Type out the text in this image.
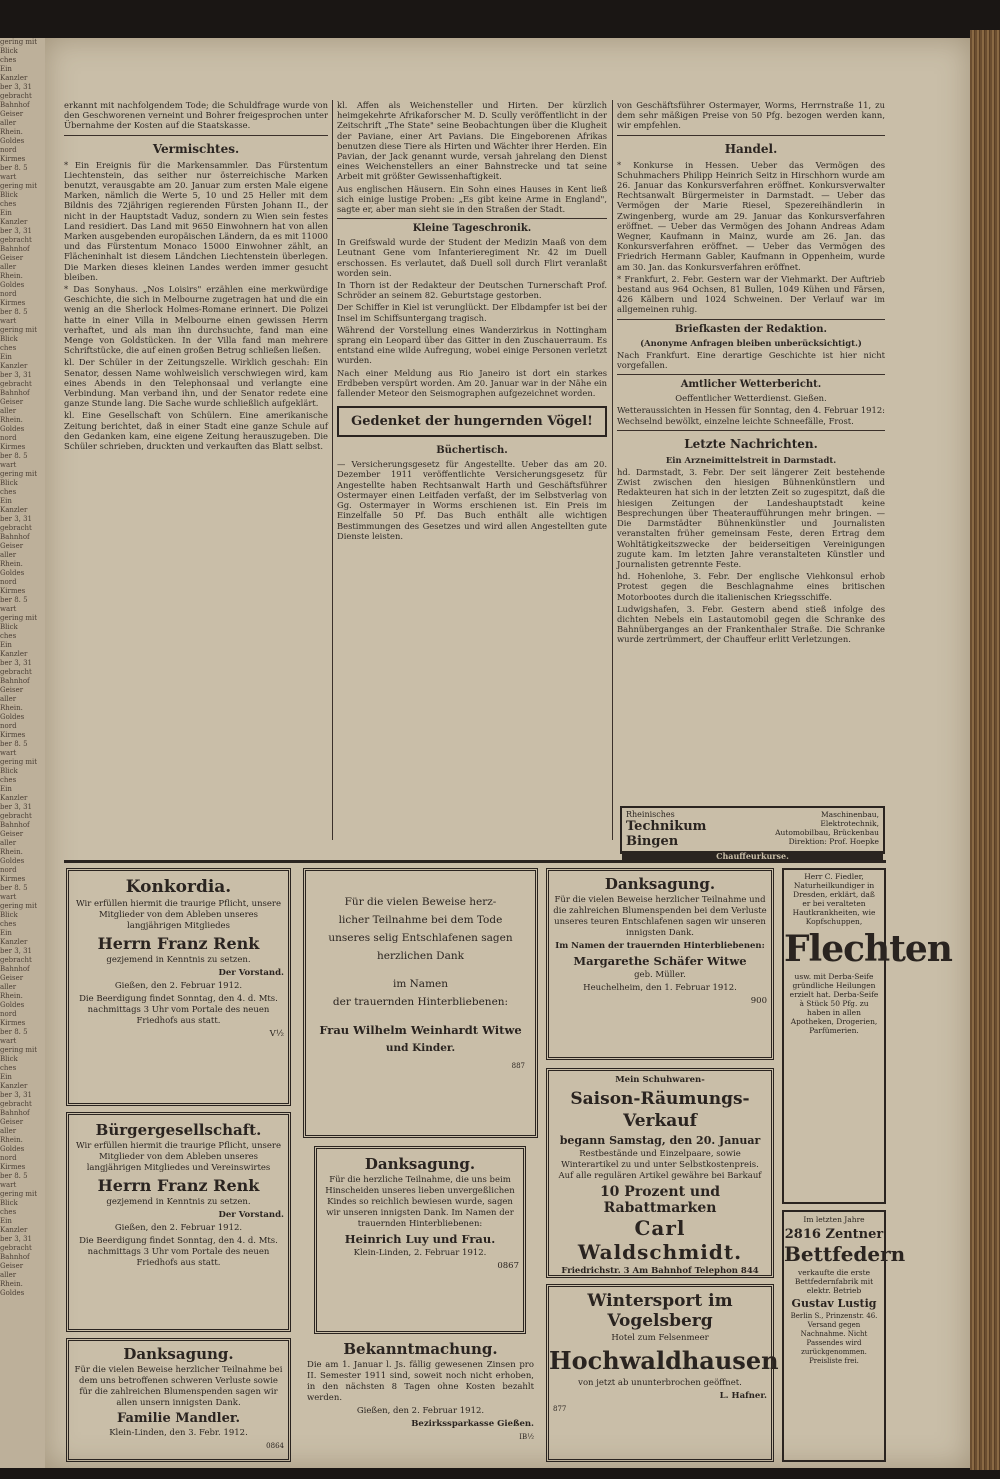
gering mit

Blick

ches

Ein

Kanzler

ber 3, 31

gebracht

Bahnhof

Geiser

aller

Rhein.

Goldes

nord

Kirmes

ber 8. 5

wart

gering mit

Blick

ches

Ein

Kanzler

ber 3, 31

gebracht

Bahnhof

Geiser

aller

Rhein.

Goldes

nord

Kirmes

ber 8. 5

wart

gering mit

Blick

ches

Ein

Kanzler

ber 3, 31

gebracht

Bahnhof

Geiser

aller

Rhein.

Goldes

nord

Kirmes

ber 8. 5

wart

gering mit

Blick

ches

Ein

Kanzler

ber 3, 31

gebracht

Bahnhof

Geiser

aller

Rhein.

Goldes

nord

Kirmes

ber 8. 5

wart

gering mit

Blick

ches

Ein

Kanzler

ber 3, 31

gebracht

Bahnhof

Geiser

aller

Rhein.

Goldes

nord

Kirmes

ber 8. 5

wart

gering mit

Blick

ches

Ein

Kanzler

ber 3, 31

gebracht

Bahnhof

Geiser

aller

Rhein.

Goldes

nord

Kirmes

ber 8. 5

wart

gering mit

Blick

ches

Ein

Kanzler

ber 3, 31

gebracht

Bahnhof

Geiser

aller

Rhein.

Goldes

nord

Kirmes

ber 8. 5

wart

gering mit

Blick

ches

Ein

Kanzler

ber 3, 31

gebracht

Bahnhof

Geiser

aller

Rhein.

Goldes

nord

Kirmes

ber 8. 5

wart

gering mit

Blick

ches

Ein

Kanzler

ber 3, 31

gebracht

Bahnhof

Geiser

aller

Rhein.

Goldes

erkannt mit nachfolgendem Tode; die Schuldfrage wurde von den Geschworenen verneint und Bohrer freigesprochen unter Übernahme der Kosten auf die Staatskasse.

Vermischtes.

* Ein Ereignis für die Markensammler. Das Fürstentum Liechtenstein, das seither nur österreichische Marken benutzt, verausgabte am 20. Januar zum ersten Male eigene Marken, nämlich die Werte 5, 10 und 25 Heller mit dem Bildnis des 72jährigen regierenden Fürsten Johann II., der nicht in der Hauptstadt Vaduz, sondern zu Wien sein festes Land residiert. Das Land mit 9650 Einwohnern hat von allen Marken ausgebenden europäischen Ländern, da es mit 11000 und das Fürstentum Monaco 15000 Einwohner zählt, an Flächeninhalt ist diesem Ländchen Liechtenstein überlegen. Die Marken dieses kleinen Landes werden immer gesucht bleiben.

* Das Sonyhaus. „Nos Loisirs" erzählen eine merkwürdige Geschichte, die sich in Melbourne zugetragen hat und die ein wenig an die Sherlock Holmes-Romane erinnert. Die Polizei hatte in einer Villa in Melbourne einen gewissen Herrn verhaftet, und als man ihn durchsuchte, fand man eine Menge von Goldstücken. In der Villa fand man mehrere Schriftstücke, die auf einen großen Betrug schließen ließen.

kl. Der Schüler in der Zeitungszelle. Wirklich geschah: Ein Senator, dessen Name wohlweislich verschwiegen wird, kam eines Abends in den Telephonsaal und verlangte eine Verbindung. Man verband ihn, und der Senator redete eine ganze Stunde lang. Die Sache wurde schließlich aufgeklärt.

kl. Eine Gesellschaft von Schülern. Eine amerikanische Zeitung berichtet, daß in einer Stadt eine ganze Schule auf den Gedanken kam, eine eigene Zeitung herauszugeben. Die Schüler schrieben, druckten und verkauften das Blatt selbst.

kl. Affen als Weichensteller und Hirten. Der kürzlich heimgekehrte Afrikaforscher M. D. Scully veröffentlicht in der Zeitschrift „The State" seine Beobachtungen über die Klugheit der Paviane, einer Art Pavians. Die Eingeborenen Afrikas benutzen diese Tiere als Hirten und Wächter ihrer Herden. Ein Pavian, der Jack genannt wurde, versah jahrelang den Dienst eines Weichenstellers an einer Bahnstrecke und tat seine Arbeit mit größter Gewissenhaftigkeit.

Aus englischen Häusern. Ein Sohn eines Hauses in Kent ließ sich einige lustige Proben: „Es gibt keine Arme in England", sagte er, aber man sieht sie in den Straßen der Stadt.

Kleine Tageschronik.

In Greifswald wurde der Student der Medizin Maaß von dem Leutnant Gene vom Infanterieregiment Nr. 42 im Duell erschossen. Es verlautet, daß Duell soll durch Flirt veranlaßt worden sein.

In Thorn ist der Redakteur der Deutschen Turnerschaft Prof. Schröder an seinem 82. Geburtstage gestorben.

Der Schiffer in Kiel ist verunglückt. Der Elbdampfer ist bei der Insel im Schiffsuntergang tragisch.

Während der Vorstellung eines Wanderzirkus in Nottingham sprang ein Leopard über das Gitter in den Zuschauerraum. Es entstand eine wilde Aufregung, wobei einige Personen verletzt wurden.

Nach einer Meldung aus Rio Janeiro ist dort ein starkes Erdbeben verspürt worden. Am 20. Januar war in der Nähe ein fallender Meteor den Seismographen aufgezeichnet worden.

Gedenket der hungernden Vögel!
Büchertisch.

— Versicherungsgesetz für Angestellte. Ueber das am 20. Dezember 1911 veröffentlichte Versicherungsgesetz für Angestellte haben Rechtsanwalt Harth und Geschäftsführer Ostermayer einen Leitfaden verfaßt, der im Selbstverlag von Gg. Ostermayer in Worms erschienen ist. Ein Preis im Einzelfalle 50 Pf. Das Buch enthält alle wichtigen Bestimmungen des Gesetzes und wird allen Angestellten gute Dienste leisten.

von Geschäftsführer Ostermayer, Worms, Herrnstraße 11, zu dem sehr mäßigen Preise von 50 Pfg. bezogen werden kann, wir empfehlen.

Handel.

* Konkurse in Hessen. Ueber das Vermögen des Schuhmachers Philipp Heinrich Seitz in Hirschhorn wurde am 26. Januar das Konkursverfahren eröffnet. Konkursverwalter Rechtsanwalt Bürgermeister in Darmstadt. — Ueber das Vermögen der Marie Riesel, Spezereihändlerin in Zwingenberg, wurde am 29. Januar das Konkursverfahren eröffnet. — Ueber das Vermögen des Johann Andreas Adam Wegner, Kaufmann in Mainz, wurde am 26. Jan. das Konkursverfahren eröffnet. — Ueber das Vermögen des Friedrich Hermann Gabler, Kaufmann in Oppenheim, wurde am 30. Jan. das Konkursverfahren eröffnet.

* Frankfurt, 2. Febr. Gestern war der Viehmarkt. Der Auftrieb bestand aus 964 Ochsen, 81 Bullen, 1049 Kühen und Färsen, 426 Kälbern und 1024 Schweinen. Der Verlauf war im allgemeinen ruhig.

Briefkasten der Redaktion.

(Anonyme Anfragen bleiben unberücksichtigt.)

Nach Frankfurt. Eine derartige Geschichte ist hier nicht vorgefallen.

Amtlicher Wetterbericht.

Oeffentlicher Wetterdienst. Gießen.

Wetteraussichten in Hessen für Sonntag, den 4. Februar 1912: Wechselnd bewölkt, einzelne leichte Schneefälle, Frost.

Letzte Nachrichten.

Ein Arzneimittelstreit in Darmstadt.

hd. Darmstadt, 3. Febr. Der seit längerer Zeit bestehende Zwist zwischen den hiesigen Bühnenkünstlern und Redakteuren hat sich in der letzten Zeit so zugespitzt, daß die hiesigen Zeitungen der Landeshauptstadt keine Besprechungen über Theateraufführungen mehr bringen. — Die Darmstädter Bühnenkünstler und Journalisten veranstalten früher gemeinsam Feste, deren Ertrag dem Wohltätigkeitszwecke der beiderseitigen Vereinigungen zugute kam. Im letzten Jahre veranstalteten Künstler und Journalisten getrennte Feste.

hd. Hohenlohe, 3. Febr. Der englische Viehkonsul erhob Protest gegen die Beschlagnahme eines britischen Motorbootes durch die italienischen Kriegsschiffe.

Ludwigshafen, 3. Febr. Gestern abend stieß infolge des dichten Nebels ein Lastautomobil gegen die Schranke des Bahnüberganges an der Frankenthaler Straße. Die Schranke wurde zertrümmert, der Chauffeur erlitt Verletzungen.

Rheinisches
Technikum Bingen
Maschinenbau, Elektrotechnik,
Automobilbau, Brückenbau
Direktion: Prof. Hoepke
Chauffeurkurse.
Konkordia.

Wir erfüllen hiermit die traurige Pflicht, unsere Mitglieder von dem Ableben unseres langjährigen Mitgliedes

Herrn Franz Renk

gezjemend in Kenntnis zu setzen.

Der Vorstand.

Gießen, den 2. Februar 1912.

Die Beerdigung findet Sonntag, den 4. d. Mts. nachmittags 3 Uhr vom Portale des neuen Friedhofs aus statt.

V½

Für die vielen Beweise herz-
licher Teilnahme bei dem Tode
unseres selig Entschlafenen sagen
herzlichen Dank
im Namen
der trauernden Hinterbliebenen:
Frau Wilhelm Weinhardt Witwe
und Kinder.
887
Danksagung.

Für die vielen Beweise herzlicher Teilnahme und die zahlreichen Blumenspenden bei dem Verluste unseres teuren Entschlafenen sagen wir unseren innigsten Dank.

Im Namen der trauernden Hinterbliebenen:

Margarethe Schäfer Witwe

geb. Müller.

Heuchelheim, den 1. Februar 1912.

900

Herr C. Fiedler, Naturheilkundiger in Dresden, erklärt, daß er bei veralteten Hautkrankheiten, wie Kopfschuppen,

Flechten

usw. mit Derba-Seife gründliche Heilungen erzielt hat. Derba-Seife à Stück 50 Pfg. zu haben in allen Apotheken, Drogerien, Parfümerien.

Bürgergesellschaft.

Wir erfüllen hiermit die traurige Pflicht, unsere Mitglieder von dem Ableben unseres langjährigen Mitgliedes und Vereinswirtes

Herrn Franz Renk

gezjemend in Kenntnis zu setzen.

Der Vorstand.

Gießen, den 2. Februar 1912.

Die Beerdigung findet Sonntag, den 4. d. Mts. nachmittags 3 Uhr vom Portale des neuen Friedhofs aus statt.

Danksagung.

Für die herzliche Teilnahme, die uns beim Hinscheiden unseres lieben unvergeßlichen Kindes so reichlich bewiesen wurde, sagen wir unseren innigsten Dank. Im Namen der trauernden Hinterbliebenen:

Heinrich Luy und Frau.

Klein-Linden, 2. Februar 1912.

0867

Mein Schuhwaren-

Saison-Räumungs-Verkauf
begann Samstag, den 20. Januar

Restbestände und Einzelpaare, sowie Winterartikel zu und unter Selbstkostenpreis. Auf alle regulären Artikel gewähre bei Barkauf

10 Prozent und Rabattmarken
Carl Waldschmidt.

Friedrichstr. 3 Am Bahnhof Telephon 844

Im letzten Jahre

2816 Zentner
Bettfedern

verkaufte die erste Bettfedernfabrik mit elektr. Betrieb

Gustav Lustig

Berlin S., Prinzenstr. 46. Versand gegen Nachnahme. Nicht Passendes wird zurückgenommen. Preisliste frei.

Danksagung.

Für die vielen Beweise herzlicher Teilnahme bei dem uns betroffenen schweren Verluste sowie für die zahlreichen Blumenspenden sagen wir allen unsern innigsten Dank.

Familie Mandler.

Klein-Linden, den 3. Febr. 1912.

0864

Bekanntmachung.

Die am 1. Januar l. Js. fällig gewesenen Zinsen pro II. Semester 1911 sind, soweit noch nicht erhoben, in den nächsten 8 Tagen ohne Kosten bezahlt werden.

Gießen, den 2. Februar 1912.

Bezirkssparkasse Gießen.

IB½

Wintersport im Vogelsberg

Hotel zum Felsenmeer

Hochwaldhausen

von jetzt ab ununterbrochen geöffnet.

L. Hafner.

877
